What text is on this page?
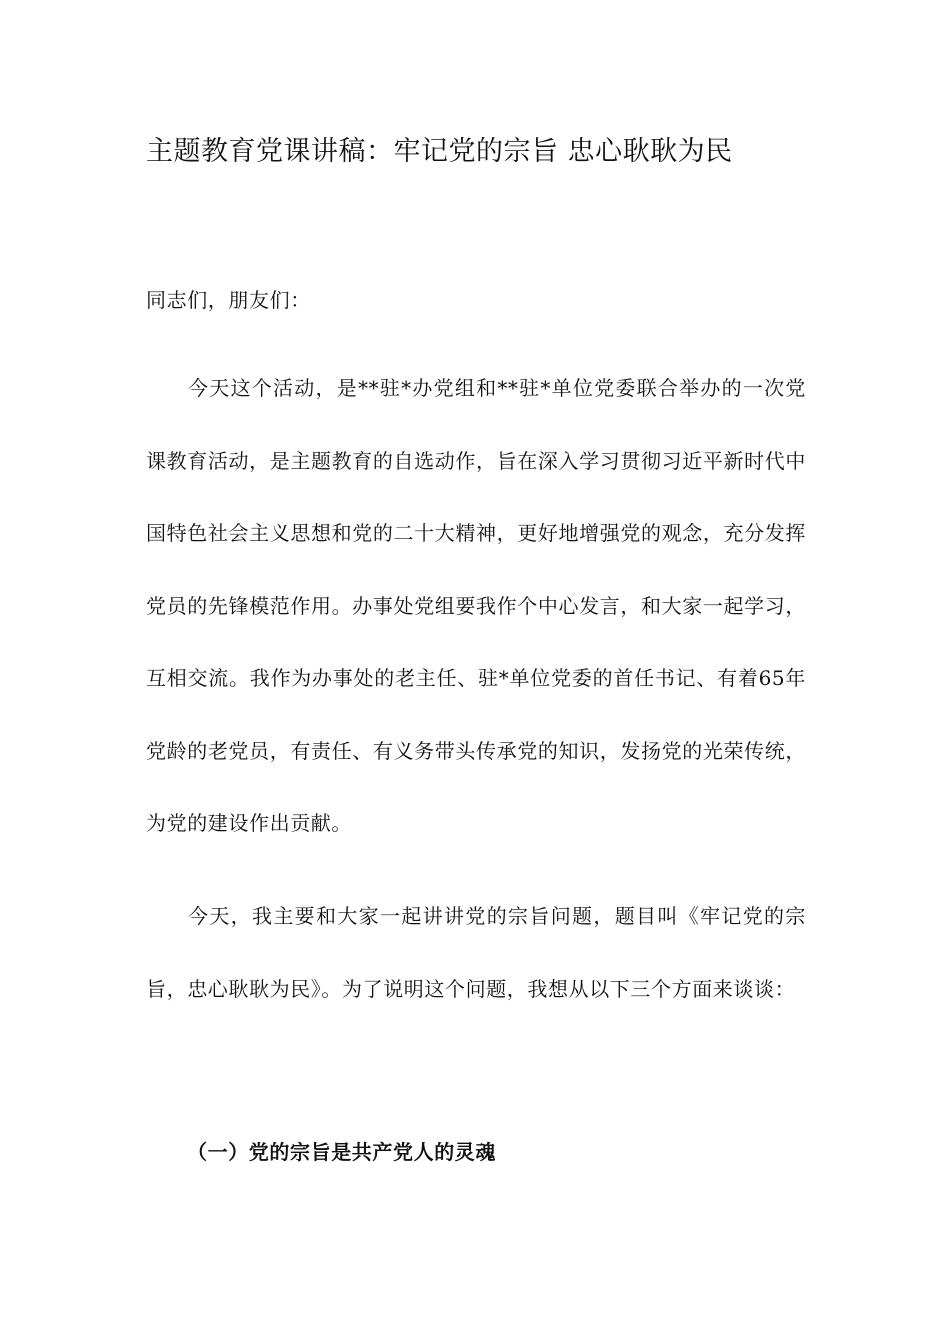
主题教育党课讲稿：牢记党的宗旨 忠心耿耿为民

同志们，朋友们：

今天这个活动，是**驻*办党组和**驻*单位党委联合举办的一次党课教育活动，是主题教育的自选动作，旨在深入学习贯彻习近平新时代中国特色社会主义思想和党的二十大精神，更好地增强党的观念，充分发挥党员的先锋模范作用。办事处党组要我作个中心发言，和大家一起学习，互相交流。我作为办事处的老主任、驻*单位党委的首任书记、有着65年党龄的老党员，有责任、有义务带头传承党的知识，发扬党的光荣传统，为党的建设作出贡献。

今天，我主要和大家一起讲讲党的宗旨问题，题目叫《牢记党的宗旨，忠心耿耿为民》。为了说明这个问题，我想从以下三个方面来谈谈：

（一）党的宗旨是共产党人的灵魂
